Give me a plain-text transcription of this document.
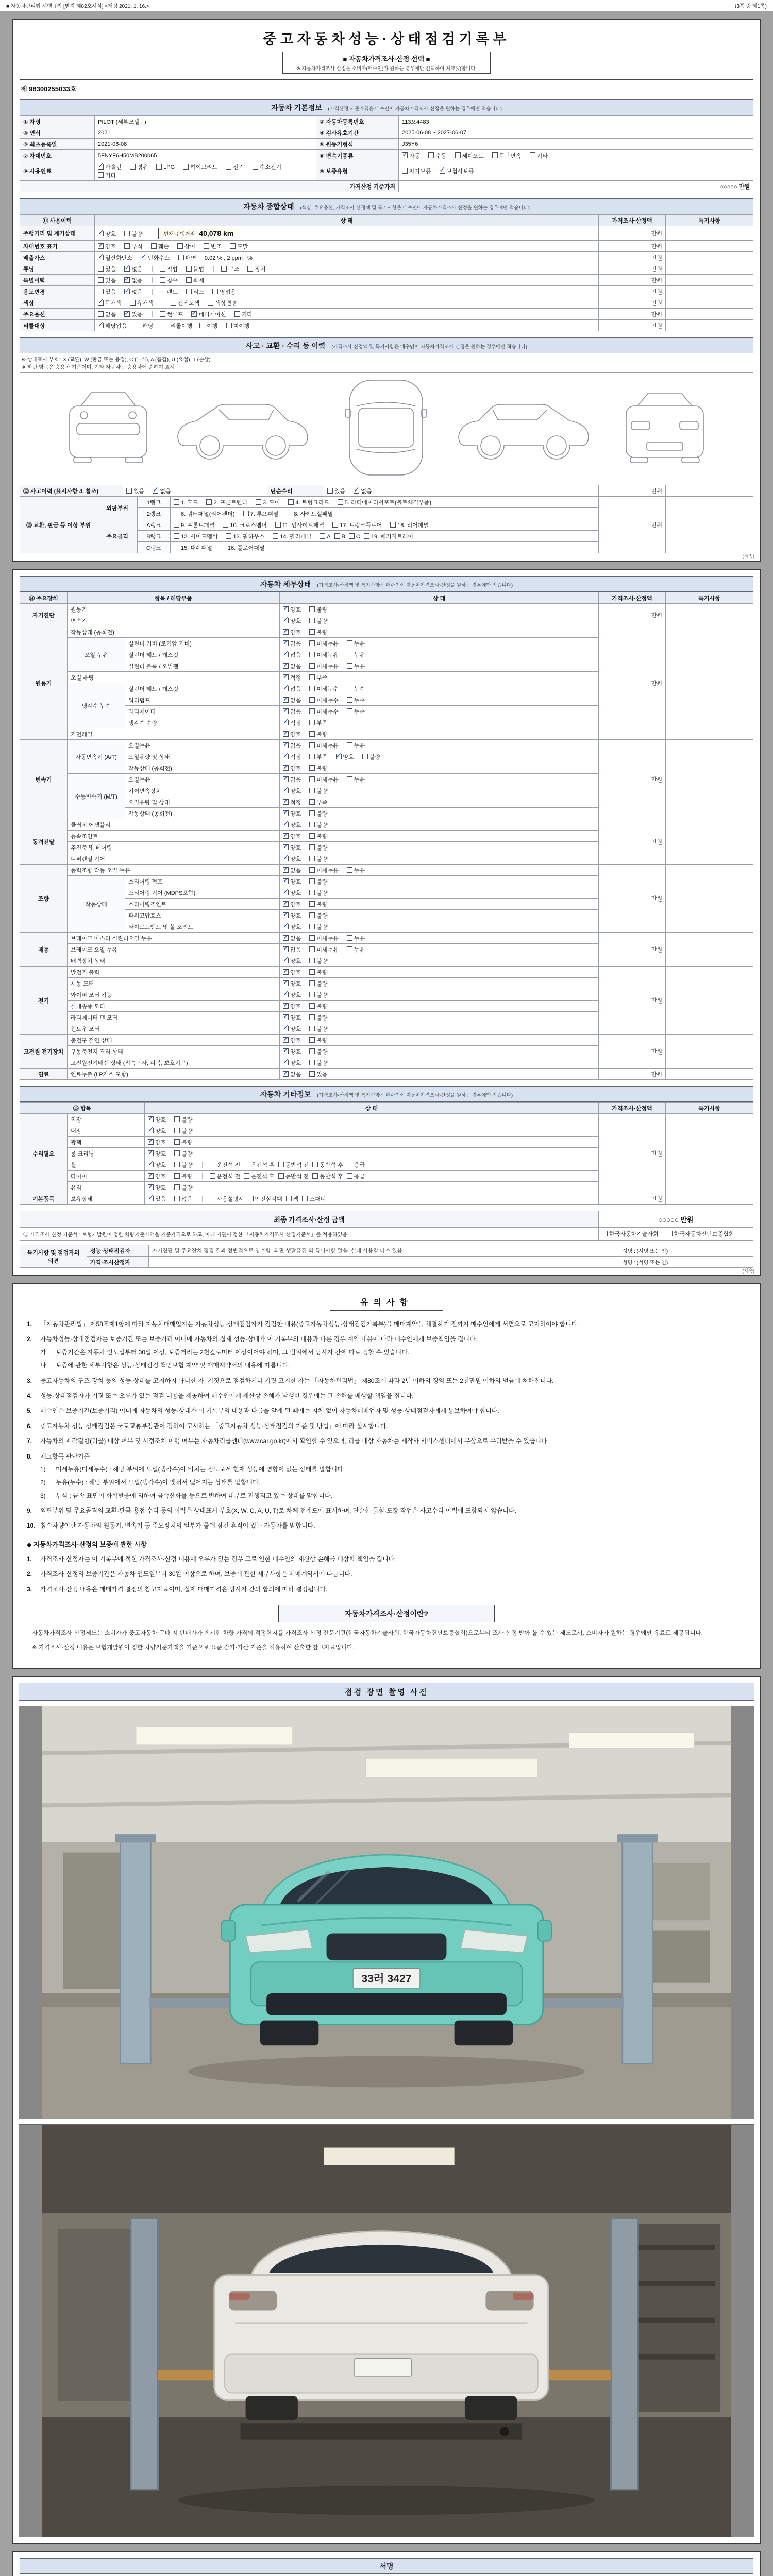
■ 자동차관리법 시행규칙 [별지 제82호서식] <개정 2021. 1. 16.>	(3쪽 중 제1쪽)
중고자동차성능·상태점검기록부
■ 자동차가격조사·산정 선택 ■
※ 자동차가격조사·산정은 소비자(매수인)가 원하는 경우에만 선택하여 체크(√)합니다.
제 98300255033호
자동차 기본정보 (가격산정 기준가격은 매수인이 자동차가격조사·산정을 원하는 경우에만 적습니다)
① 차명	PILOT (세부모델 : )	② 자동차등록번호	113오4483
③ 연식	2021	④ 검사유효기간	2025-06-08 ~ 2027-06-07
⑤ 최초등록일	2021-06-08	⑥ 원동기형식	J35Y6
⑦ 차대번호	5FNYF6H50MB200065	⑧ 변속기종류	✓자동 수동 세미오토 무단변속 기타
⑨ 사용연료	✓가솔린 경유 LPG 하이브리드 전기 수소전기기타	⑩ 보증유형	자가보증 ✓ 보험사보증
가격산정 기준가격			○○○○○ 만원
자동차 종합상태 (색상, 주요옵션, 가격조사·산정액 및 특기사항은 매수인이 자동차가격조사·산정을 원하는 경우에만 적습니다)
⑪ 사용이력	상 태	가격조사·산정액	특기사항
주행거리 및 계기상태	✓양호 불량 현재 주행거리 40,078 km	만원	
차대번호 표기	✓양호 부식 훼손 상이 변조 도말	만원	
배출가스	✓일산화탄소 ✓ 탄화수소 매연 0.02 % , 2 ppm , %	만원	
튜닝	있음 ✓ 없음 적법 불법 구조 장치	만원	
특별이력	있음 ✓ 없음 침수 화재	만원	
용도변경	있음 ✓ 없음 렌트 리스 영업용	만원	
색상	✓무채색 유채색 전체도색 색상변경	만원	
주요옵션	없음 ✓ 있음 썬루프 ✓ 네비게이션 기타	만원	
리콜대상	✓해당없음 해당 리콜이행 이행 미이행	만원	
사고 · 교환 · 수리 등 이력 (가격조사·산정액 및 특기사항은 매수인이 자동차가격조사·산정을 원하는 경우에만 적습니다)
※ 상태표시 부호 : X (교환), W (판금 또는 용접), C (부식), A (흠집), U (요철), T (손상)
※ 하단 항목은 승용차 기준이며, 기타 자동차는 승용차에 준하여 표시
⑫ 사고이력 (표시사항 4. 참조)	있음 ✓	없음	단순수리	있음 ✓	없음	만원	
⑬ 교환, 판금 등 이상 부위	외판부위	1랭크	1. 후드 2. 프론트펜더 3. 도어 4. 트렁크리드 5. 라디에이터서포트(볼트체결부품)	만원	
		2랭크	6. 쿼터패널(리어펜더) 7. 루프패널 8. 사이드실패널		
	주요골격	A랭크	9. 프론트패널 10. 크로스멤버 11. 인사이드패널 17. 트렁크플로어 18. 리어패널		
		B랭크	12. 사이드멤버 13. 휠하우스 14. 필러패널 A B C 19. 패키지트레이		
		C랭크	15. 대쉬패널 16. 플로어패널		
(계속)
자동차 세부상태 (가격조사·산정액 및 특기사항은 매수인이 자동차가격조사·산정을 원하는 경우에만 적습니다)
⑭ 주요장치	항목 / 해당부품		상 태	가격조사·산정액	특기사항
자기진단	원동기	✓양호 불량	만원	
	변속기	✓양호 불량
원동기	작동상태 (공회전)	✓양호 불량	만원	
	오일 누유	실린더 커버 (로커암 커버)	✓없음 미세누유 누유
		실린더 헤드 / 개스킷	✓없음 미세누유 누유
		실린더 블록 / 오일팬	✓없음 미세누유 누유
	오일 유량	✓적정 부족
	냉각수 누수	실린더 헤드 / 개스킷	✓없음 미세누수 누수
		워터펌프	✓없음 미세누수 누수
		라디에이터	✓없음 미세누수 누수
		냉각수 수량	✓적정 부족
	커먼레일	✓양호 불량
변속기	자동변속기 (A/T)	오일누유	✓없음 미세누유 누유	만원	
		오일유량 및 상태	✓적정 부족 ✓ 양호 불량
		작동상태 (공회전)	✓양호 불량
	수동변속기 (M/T)	오일누유	✓없음 미세누유 누유
		기어변속장치	✓양호 불량
		오일유량 및 상태	✓적정 부족
		작동상태 (공회전)	✓양호 불량
동력전달	클러치 어셈블리	✓양호 불량	만원	
	등속조인트	✓양호 불량
	추진축 및 베어링	✓양호 불량
	디퍼렌셜 기어	✓양호 불량
조향	동력조향 작동 오일 누유	✓없음 미세누유 누유	만원	
	작동상태	스티어링 펌프	✓양호 불량
		스티어링 기어 (MDPS포함)	✓양호 불량
		스티어링조인트	✓양호 불량
		파워고압호스	✓양호 불량
		타이로드엔드 및 볼 조인트	✓양호 불량
제동	브레이크 마스터 실린더오일 누유	✓없음 미세누유 누유	만원	
	브레이크 오일 누유	✓없음 미세누유 누유
	배력장치 상태	✓양호 불량
전기	발전기 출력	✓양호 불량	만원	
	시동 모터	✓양호 불량
	와이퍼 모터 기능	✓양호 불량
	실내송풍 모터	✓양호 불량
	라디에이터 팬 모터	✓양호 불량
	윈도우 모터	✓양호 불량
고전원 전기장치	충전구 절연 상태	✓양호 불량	만원	
	구동축전지 격리 상태	✓양호 불량
	고전원전기배선 상태 (접속단자, 피복, 보호기구)	✓양호 불량
연료	연료누출 (LP가스 포함)	✓없음 있음	만원	
자동차 기타정보 (가격조사·산정액 및 특기사항은 매수인이 자동차가격조사·산정을 원하는 경우에만 적습니다)
⑮ 항목		상 태	가격조사·산정액	특기사항
수리필요	외장	✓양호 불량	만원	
	내장	✓양호 불량
	광택	✓양호 불량
	룸 크리닝	✓양호 불량
	휠	✓양호 불량 운전석 전 운전석 후 동반석 전 동반석 후 응급
	타이어	✓양호 불량 운전석 전 운전석 후 동반석 전 동반석 후 응급
	유리	✓양호 불량
기본품목	보유상태	✓있음 없음 사용설명서 안전삼각대 잭 스패너	만원	
최종 가격조사·산정 금액	○○○○○ 만원
⑯ 가격조사·산정 기준서 : 보험개발원이 정한 차량기준가액을 기준가격으로 하고, 아래 기관이 정한 「자동차가격조사·산정기준서」를 적용하였음	한국자동차기술사회 한국자동차진단보증협회
특기사항 및 점검자의 의견	성능·상태점검자	자기진단 및 주요장치 점검 결과 전반적으로 양호함. 외판 생활흠집 외 특이사항 없음. 실내 사용감 다소 있음.	성명 : (서명 또는 인)
	가격·조사산정자		성명 : (서명 또는 인)
(계속)
유의사항
1.	「자동차관리법」 제58조제1항에 따라 자동차매매업자는 자동차성능·상태점검자가 점검한 내용(중고자동차성능·상태점검기록부)을 매매계약을 체결하기 전까지 매수인에게 서면으로 고지하여야 합니다.
2.	자동차성능·상태점검자는 보증기간 또는 보증거리 이내에 자동차의 실제 성능·상태가 이 기록부의 내용과 다른 경우 계약 내용에 따라 매수인에게 보증책임을 집니다.
가.	보증기간은 자동차 인도일부터 30일 이상, 보증거리는 2천킬로미터 이상이어야 하며, 그 범위에서 당사자 간에 따로 정할 수 있습니다.
나.	보증에 관한 세부사항은 성능·상태점검 책임보험 계약 및 매매계약서의 내용에 따릅니다.
3.	중고자동차의 구조·장치 등의 성능·상태를 고지하지 아니한 자, 거짓으로 점검하거나 거짓 고지한 자는 「자동차관리법」 제80조에 따라 2년 이하의 징역 또는 2천만원 이하의 벌금에 처해집니다.
4.	성능·상태점검자가 거짓 또는 오류가 있는 점검 내용을 제공하여 매수인에게 재산상 손해가 발생한 경우에는 그 손해를 배상할 책임을 집니다.
5.	매수인은 보증기간(보증거리) 이내에 자동차의 성능·상태가 이 기록부의 내용과 다름을 알게 된 때에는 지체 없이 자동차매매업자 및 성능·상태점검자에게 통보하여야 합니다.
6.	중고자동차 성능·상태점검은 국토교통부장관이 정하여 고시하는 「중고자동차 성능·상태점검의 기준 및 방법」에 따라 실시합니다.
7.	자동차의 제작결함(리콜) 대상 여부 및 시정조치 이행 여부는 자동차리콜센터(www.car.go.kr)에서 확인할 수 있으며, 리콜 대상 자동차는 제작사 서비스센터에서 무상으로 수리받을 수 있습니다.
8.	체크항목 판단기준
1)	미세누유(미세누수) : 해당 부위에 오일(냉각수)이 비치는 정도로서 현재 성능에 영향이 없는 상태를 말합니다.
2)	누유(누수) : 해당 부위에서 오일(냉각수)이 맺혀서 떨어지는 상태를 말합니다.
3)	부식 : 금속 표면이 화학반응에 의하여 금속산화물 등으로 변하여 내부로 진행되고 있는 상태를 말합니다.
9.	외판부위 및 주요골격의 교환·판금·용접 수리 등의 이력은 상태표시 부호(X, W, C, A, U, T)로 차체 전개도에 표시하며, 단순한 긁힘·도장 작업은 사고수리 이력에 포함되지 않습니다.
10. 침수차량이란 자동차의 원동기, 변속기 등 주요장치의 일부가 물에 잠긴 흔적이 있는 자동차를 말합니다.
◆ 자동차가격조사·산정의 보증에 관한 사항
1.	가격조사·산정자는 이 기록부에 적힌 가격조사·산정 내용에 오류가 있는 경우 그로 인한 매수인의 재산상 손해를 배상할 책임을 집니다.
2.	가격조사·산정의 보증기간은 자동차 인도일부터 30일 이상으로 하며, 보증에 관한 세부사항은 매매계약서에 따릅니다.
3.	가격조사·산정 내용은 매매가격 결정의 참고자료이며, 실제 매매가격은 당사자 간의 합의에 따라 결정됩니다.
자동차가격조사·산정이란?
자동차가격조사·산정제도는 소비자가 중고자동차 구매 시 판매자가 제시한 차량 가격이 적정한지를 가격조사·산정 전문기관(한국자동차기술사회, 한국자동차진단보증협회)으로부터 조사·산정 받아 볼 수 있는 제도로서, 소비자가 원하는 경우에만 유료로 제공됩니다.
※ 가격조사·산정 내용은 보험개발원이 정한 차량기준가액을 기준으로 표준 감가·가산 기준을 적용하여 산출한 참고자료입니다.
점검 장면 촬영 사진
33러 3427
서명
